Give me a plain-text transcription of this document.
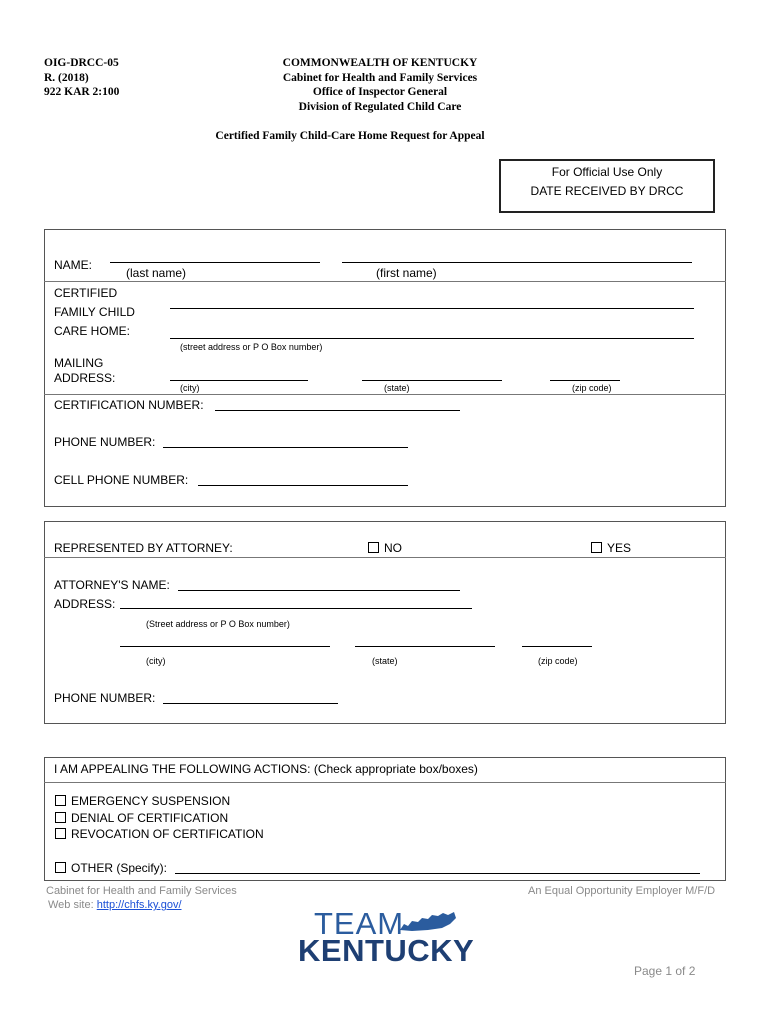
OIG-DRCC-05
R. (2018)
922 KAR 2:100
COMMONWEALTH OF KENTUCKY
Cabinet for Health and Family Services
Office of Inspector General
Division of Regulated Child Care
Certified Family Child-Care Home Request for Appeal
For Official Use Only
DATE RECEIVED BY DRCC
NAME:
(last name)	(first name)
CERTIFIED
FAMILY CHILD
CARE HOME:
(street address or P O Box number)
MAILING
ADDRESS:
(city)	(state)	(zip code)
CERTIFICATION NUMBER:
PHONE NUMBER:
CELL PHONE NUMBER:
REPRESENTED BY ATTORNEY:	NO	YES
ATTORNEY'S NAME:
ADDRESS:
(Street address or P O Box number)
(city)	(state)	(zip code)
PHONE NUMBER:
I AM APPEALING THE FOLLOWING ACTIONS: (Check appropriate box/boxes)
EMERGENCY SUSPENSION
DENIAL OF CERTIFICATION
REVOCATION OF CERTIFICATION
OTHER (Specify):
Cabinet for Health and Family Services
Web site: http://chfs.ky.gov/
An Equal Opportunity Employer M/F/D
TEAM
KENTUCKY
Page 1 of 2
